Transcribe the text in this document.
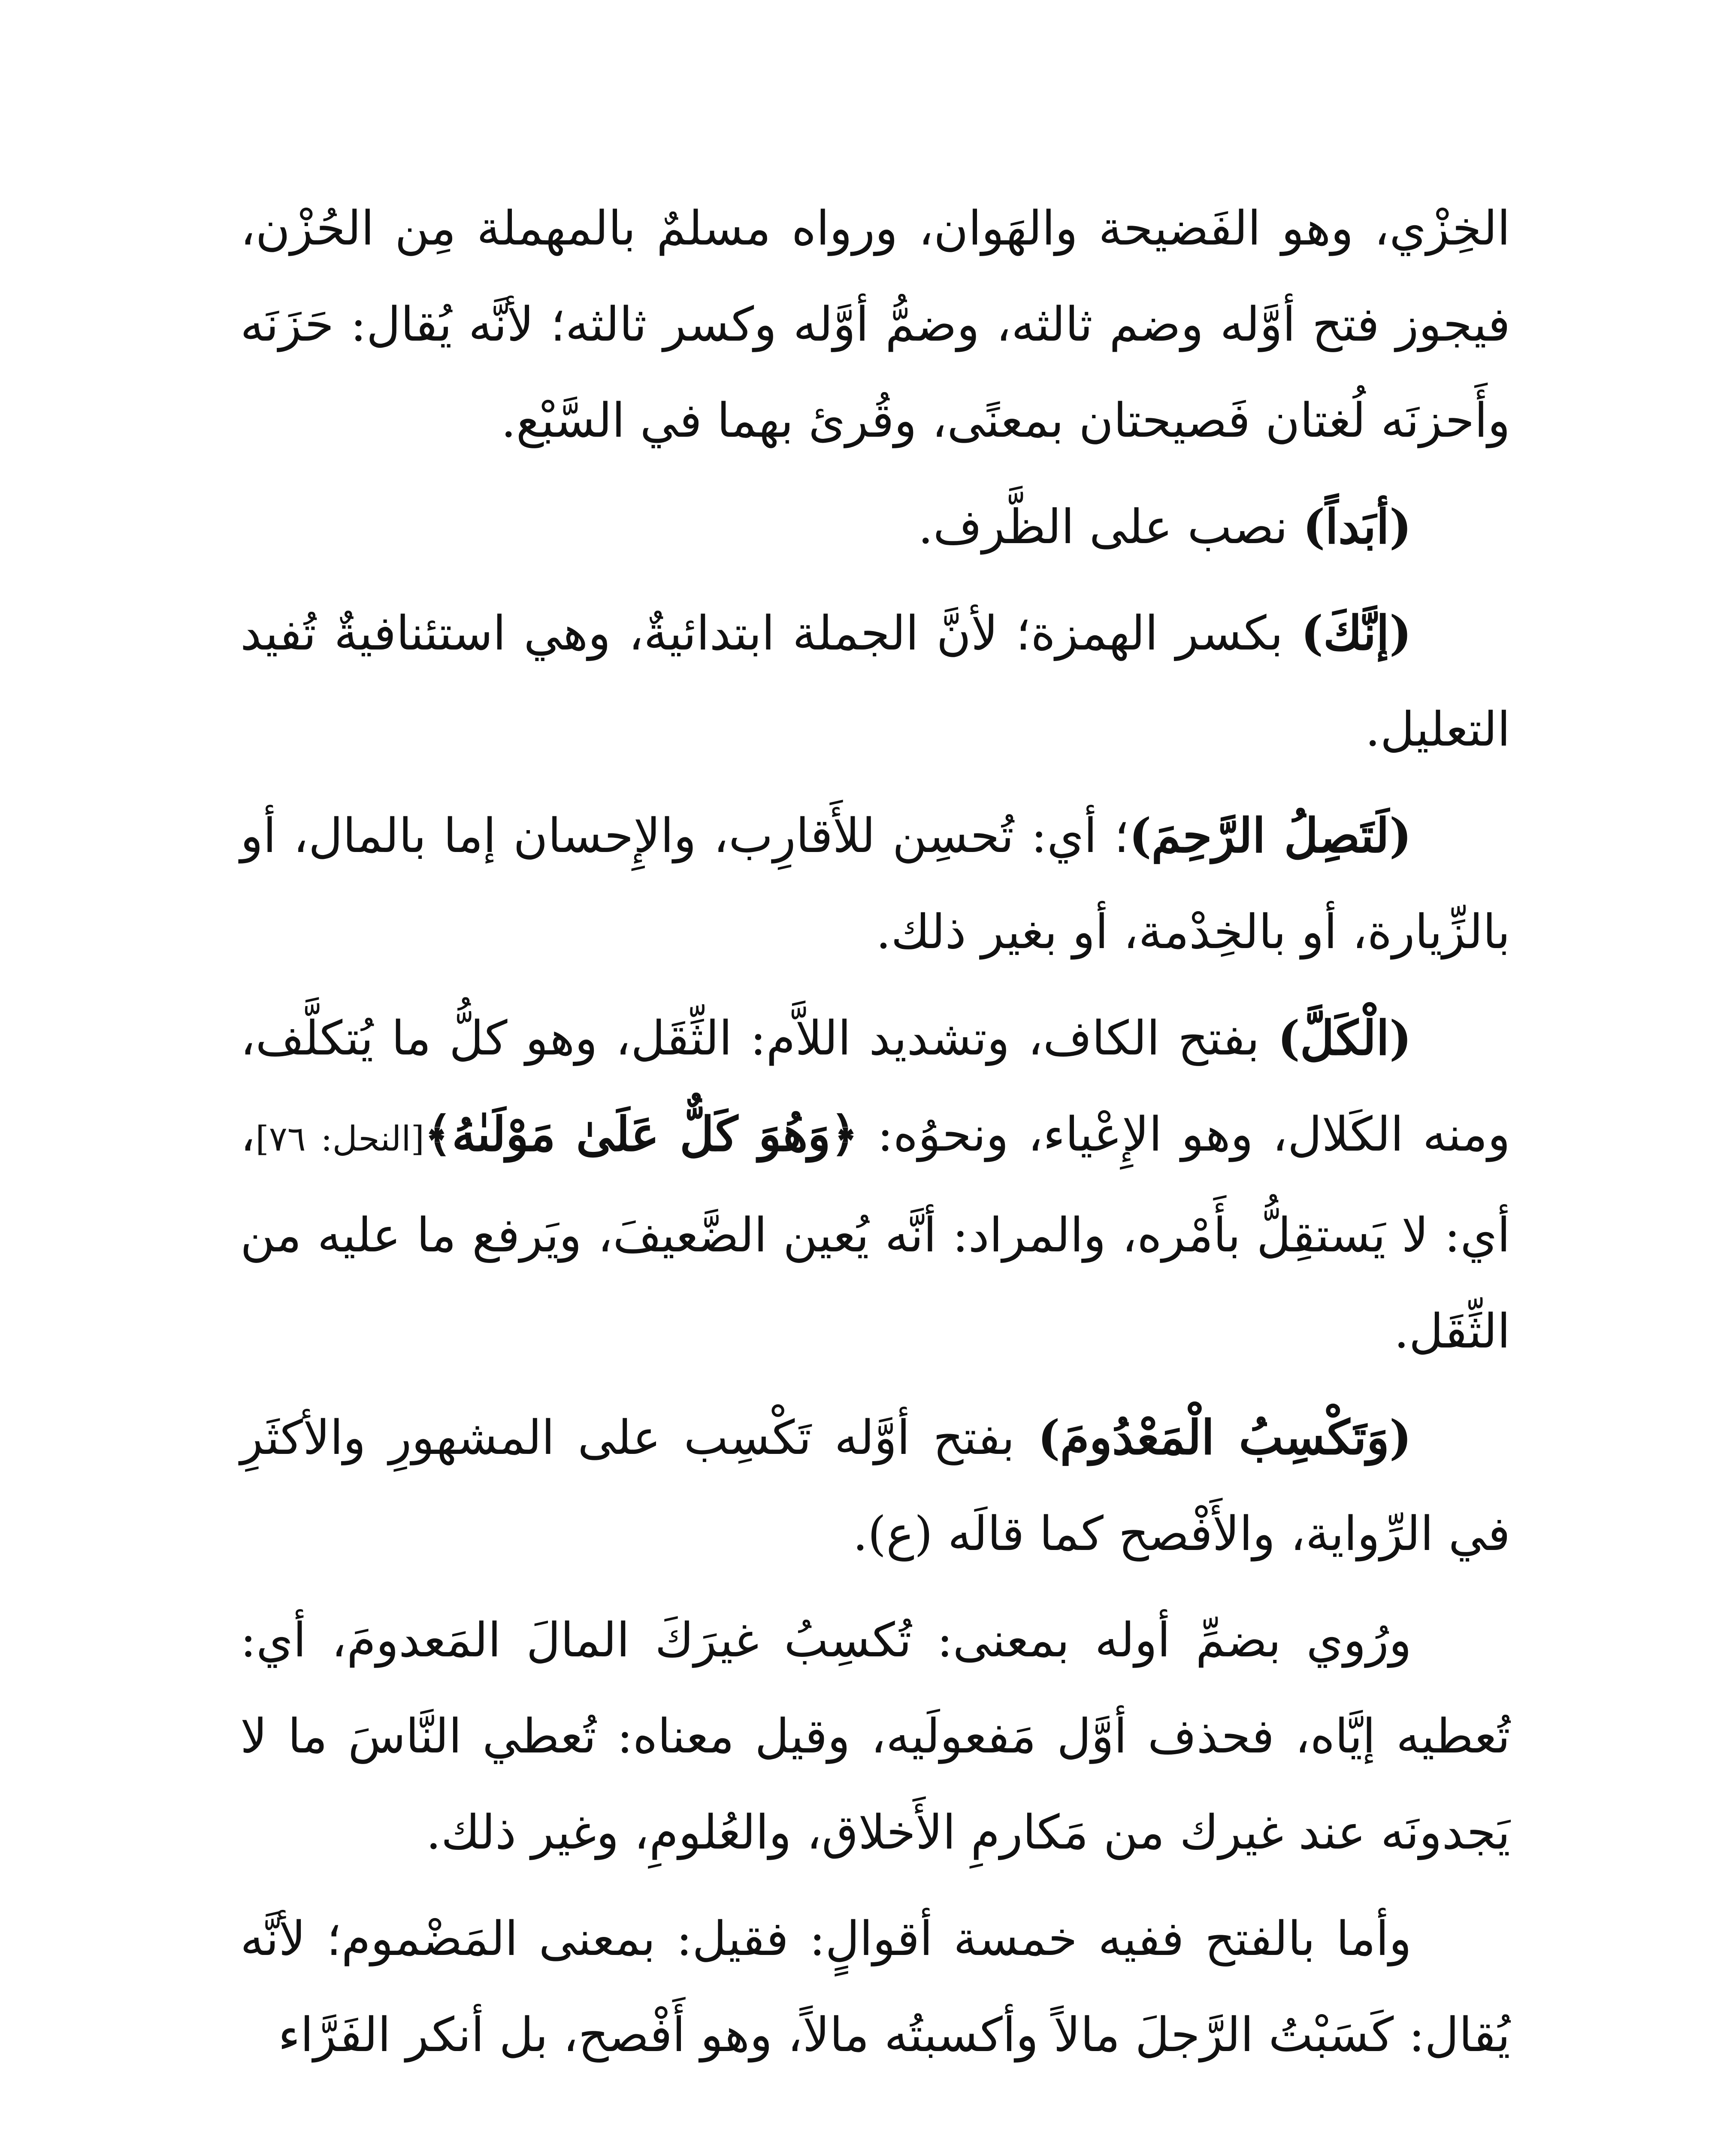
الخِزْي، وهو الفَضيحة والهَوان، ورواه مسلمٌ بالمهملة مِن الحُزْن، فيجوز فتح أوَّله وضم ثالثه، وضمُّ أوَّله وكسر ثالثه؛ لأنَّه يُقال: حَزَنَه وأَحزنَه لُغتان فَصيحتان بمعنًى، وقُرئ بهما في السَّبْع.

(أبَداً) نصب على الظَّرف.

(إنَّكَ) بكسر الهمزة؛ لأنَّ الجملة ابتدائيةٌ، وهي استئنافيةٌ تُفيد التعليل.

(لَتَصِلُ الرَّحِمَ)؛ أي: تُحسِن للأَقارِب، والإِحسان إما بالمال، أو بالزِّيارة، أو بالخِدْمة، أو بغير ذلك.

(الْكَلَّ) بفتح الكاف، وتشديد اللاَّم: الثِّقَل، وهو كلُّ ما يُتكلَّف، ومنه الكَلال، وهو الإِعْياء، ونحوُه: ﴿وَهُوَ كَلٌّ عَلَىٰ مَوْلَىٰهُ﴾[النحل: ٧٦]، أي: لا يَستقِلُّ بأَمْره، والمراد: أنَّه يُعين الضَّعيفَ، ويَرفع ما عليه من الثِّقَل.

(وَتَكْسِبُ الْمَعْدُومَ) بفتح أوَّله تَكْسِب على المشهورِ والأكثَرِ في الرِّواية، والأَفْصح كما قالَه (ع).

ورُوي بضمِّ أوله بمعنى: تُكسِبُ غيرَكَ المالَ المَعدومَ، أي: تُعطيه إيَّاه، فحذف أوَّل مَفعولَيه، وقيل معناه: تُعطي النَّاسَ ما لا يَجدونَه عند غيرك من مَكارمِ الأَخلاق، والعُلومِ، وغير ذلك.

وأما بالفتح ففيه خمسة أقوالٍ: فقيل: بمعنى المَضْموم؛ لأنَّه يُقال: كَسَبْتُ الرَّجلَ مالاً وأكسبتُه مالاً، وهو أَفْصح، بل أنكر الفَرَّاء
